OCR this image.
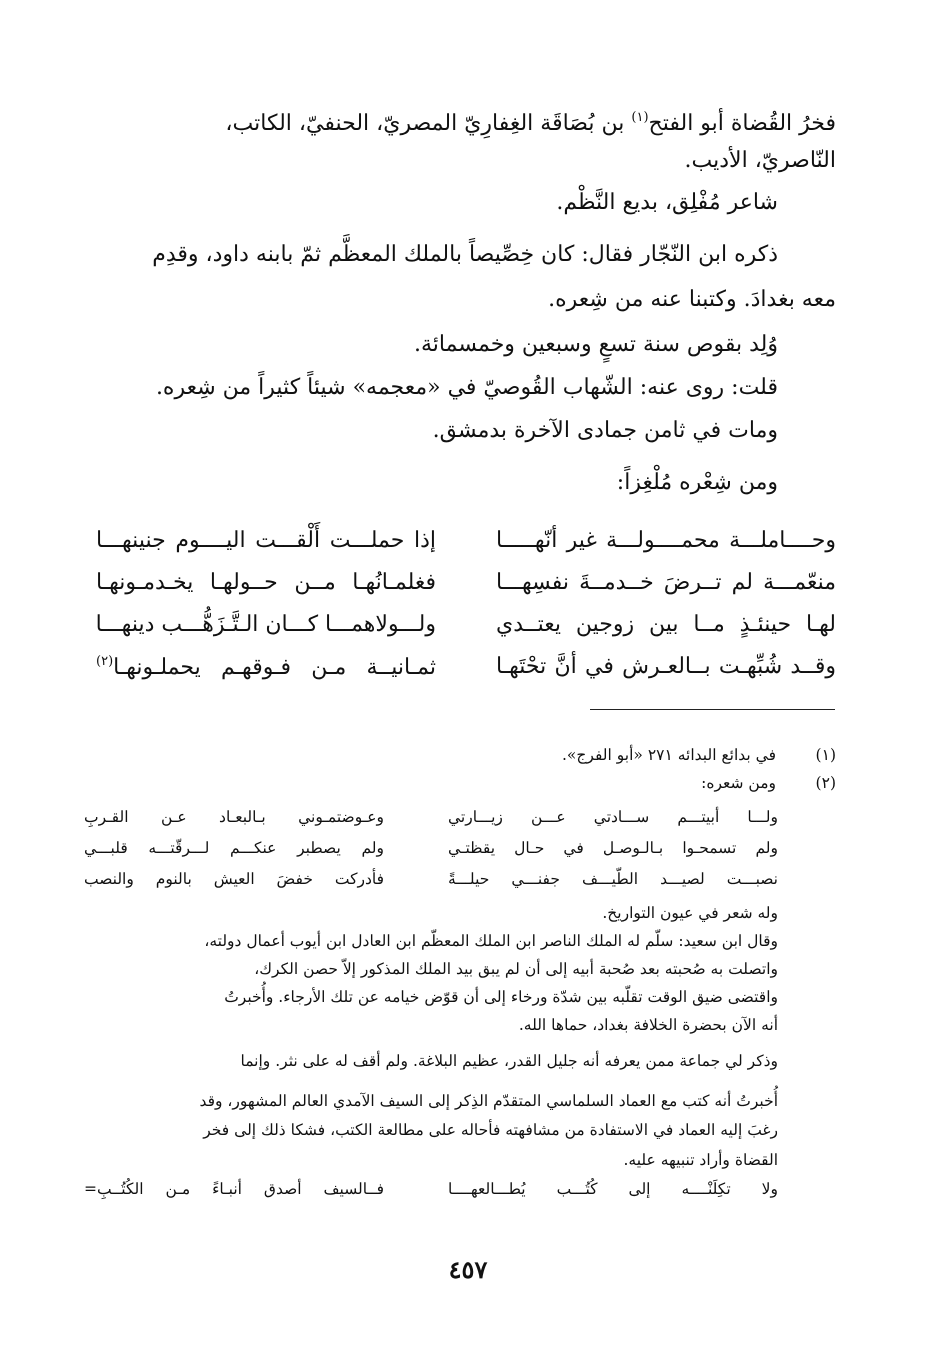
فخرُ القُضاة أبو الفتح$^{(١)}$ بن بُصَاقَة الغِفارِيّ المصريّ، الحنفيّ، الكاتب،
النّاصريّ، الأديب.
شاعر مُفْلِق، بديع النَّظْم.
ذكره ابن النّجّار فقال: كان خِصِّيصاً بالملك المعظَّم ثمّ بابنه داود، وقدِم
معه بغدادَ. وكتبنا عنه من شِعره.
وُلِد بقوص سنة تسعٍ وسبعين وخمسمائة.
قلت: روى عنه: الشّهاب القُوصيّ في «معجمه» شيئاً كثيراً من شِعره.
ومات في ثامن جمادى الآخرة بدمشق.
ومن شِعْره مُلْغِزاً:
وحــــاملـــة محمــــولـــة غير أنّهـــــا
إذا حملـــت أَلْقـــت اليــــوم جنينهـــا
منعّمـــة لم تــرضَ خــدمــةَ نفسِهـــا
فغلمـانُهـا مــن حــولهـا يخـدمـونهـا
لهـا حينئـذٍ مــا بين زوجين يعتــدي
ولـــولاهمـــا كـــان الـتَّـزَهُّـــب دينهـــا
وقــد شُبِّهـت بــالعـرش في أنَّ تحْتَهـا
ثمـانيــة مـن فـوقهـم يحملـونهـا$^{(٢)}$
(١)
في بدائع البدائه ٢٧١ «أبو الفرج».
(٢)
ومن شعره:
ولـــا أبيتـــم ســـادتي عـــن زيـــارتي
وعـوضتمـوني بـالبعـاد عـن القـربِ
ولم تسمحـوا بـالـوصـل في حـال يقظتـي
ولم يصطبر عنكـــم لـــرقّتـــه قلبـــي
نصبـــت لصيـــد الطّيـــف جفنـــي حيلـــةً
فأدركت خفضَ العيش بالنوم والنصب
وله شعر في عيون التواريخ.
وقال ابن سعيد: سلّم له الملك الناصر ابن الملك المعظّم ابن العادل ابن أيوب أعمال دولته،
واتصلت به صُحبته بعد صُحبة أبيه إلى أن لم يبق بيد الملك المذكور إلاّ حصن الكرك،
واقتضى ضيق الوقت تقلّبه بين شدّة ورخاء إلى أن قوّض خيامه عن تلك الأرجاء. وأُخبرتُ
أنه الآن بحضرة الخلافة بغداد، حماها الله.
وذكر لي جماعة ممن يعرفه أنه جليل القدر، عظيم البلاغة. ولم أقف له على نثر. وإنما
أُخبرتُ أنه كتب مع العماد السلماسي المتقدّم الذِكر إلى السيف الآمدي العالم المشهور، وقد
رغبَ إليه العماد في الاستفادة من مشافهته فأحاله على مطالعة الكتب، فشكا ذلك إلى فخر
القضاة وأراد تنبيهه عليه.
ولا تكِلَنْــــه إلى كُتُـــب يُطـــالعهــــا
فــالسيف أصدق أنبـاءً مـن الكُتُــبِ=
٤٥٧
